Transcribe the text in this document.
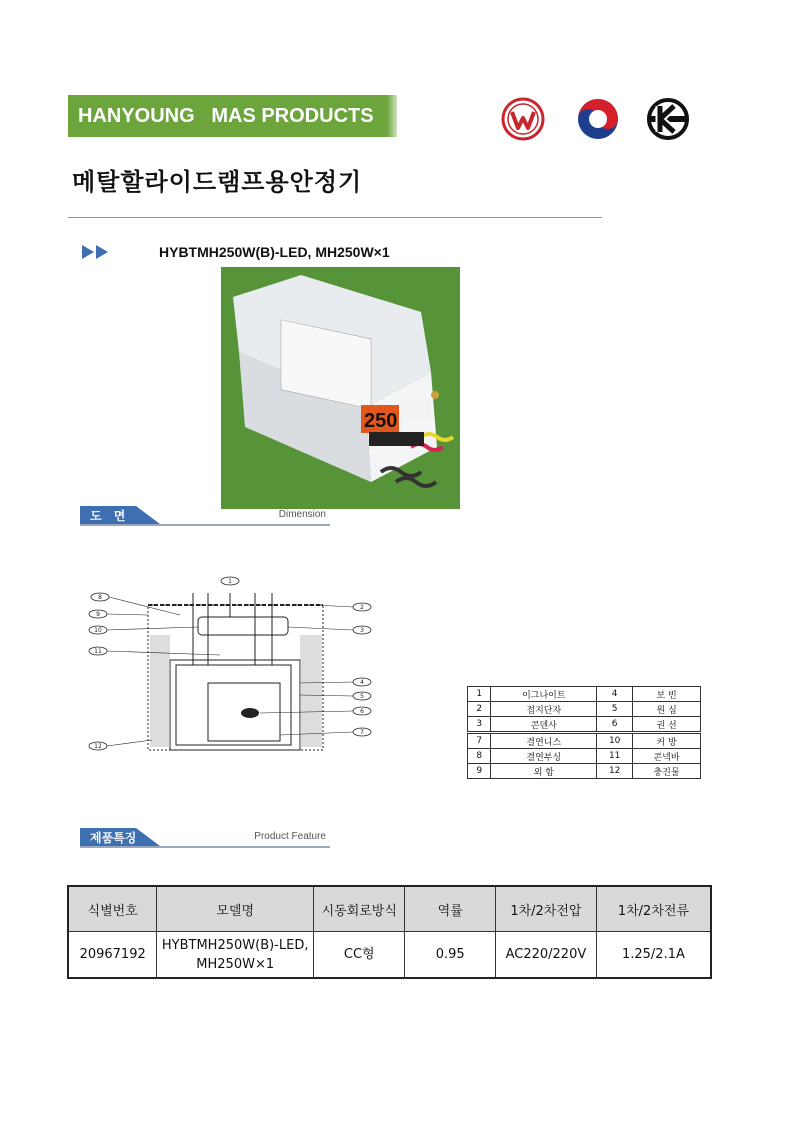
HANYOUNG   MAS PRODUCTS
메탈할라이드램프용안정기
HYBTMH250W(B)-LED, MH250W×1
250
도 면	Dimension
1
2
3
4
5
6
7
8
9
10
11
12
1	이그나이트	4	보 빈
2	접지단자	5	원 심
3	콘덴사	6	권 선
7	결연니스	10	커 방
8	결연부싱	11	콘넥바
9	외 함	12	충진물
제품특징	Product Feature
식별번호	모델명	시동회로방식	역률	1차/2차전압	1차/2차전류
20967192	HYBTMH250W(B)-LED,
MH250W×1	CC형	0.95	AC220/220V	1.25/2.1A
